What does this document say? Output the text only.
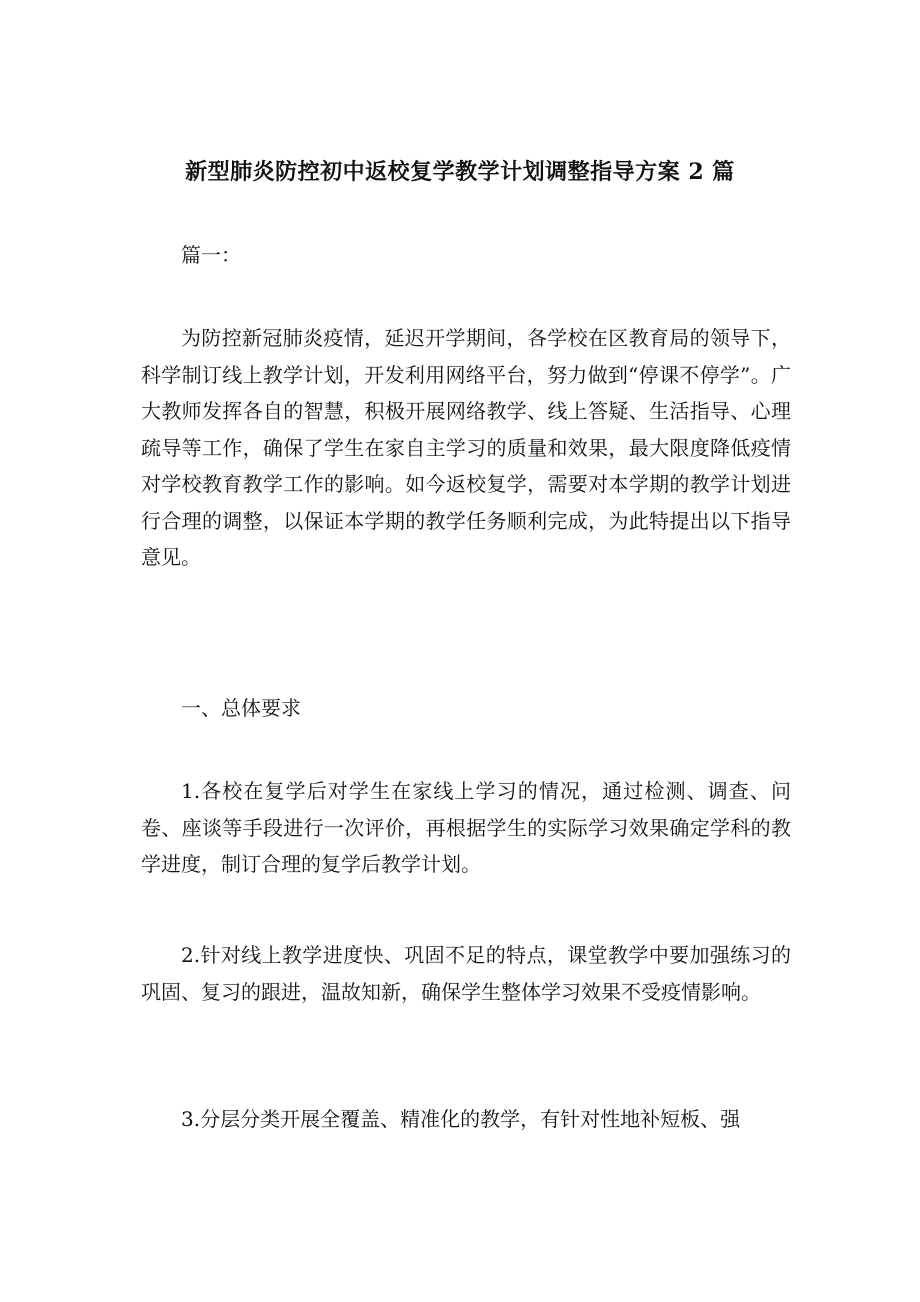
新型肺炎防控初中返校复学教学计划调整指导方案 2 篇

篇一：

为防控新冠肺炎疫情，延迟开学期间，各学校在区教育局的领导下，科学制订线上教学计划，开发利用网络平台，努力做到“停课不停学”。广大教师发挥各自的智慧，积极开展网络教学、线上答疑、生活指导、心理疏导等工作，确保了学生在家自主学习的质量和效果，最大限度降低疫情对学校教育教学工作的影响。如今返校复学，需要对本学期的教学计划进行合理的调整，以保证本学期的教学任务顺利完成，为此特提出以下指导意见。

一、总体要求

1.各校在复学后对学生在家线上学习的情况，通过检测、调查、问卷、座谈等手段进行一次评价，再根据学生的实际学习效果确定学科的教学进度，制订合理的复学后教学计划。

2.针对线上教学进度快、巩固不足的特点，课堂教学中要加强练习的巩固、复习的跟进，温故知新，确保学生整体学习效果不受疫情影响。

3.分层分类开展全覆盖、精准化的教学，有针对性地补短板、强
